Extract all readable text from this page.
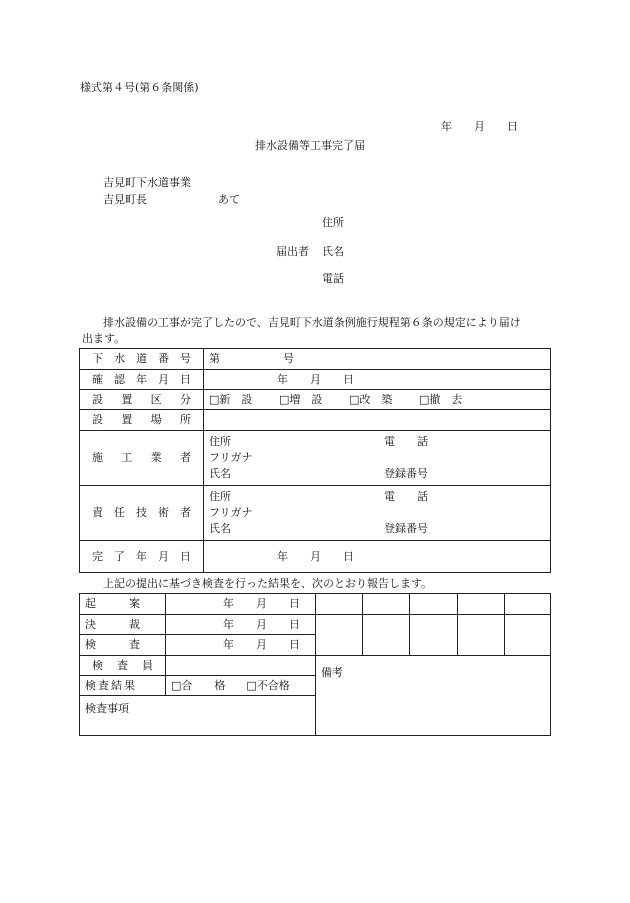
様式第４号(第６条関係)
年　　月　　日
排水設備等工事完了届
吉見町下水道事業
吉見町長	あて
住所
届出者 氏名
電話
排水設備の工事が完了したので、吉見町下水道条例施行規程第６条の規定により届け
出ます。
下水道番号	第 号
確認年月日	年　　月　　日
設置区分	□新　設 □増　設 □改　築 □撤　去

設置場所	
施工業者	住所 電　　話
フリガナ
氏名 登録番号

責任技術者	住所 電　　話
フリガナ
氏名 登録番号

完了年月日	年　　月　　日
上記の提出に基づき検査を行った結果を、次のとおり報告します。
起　　　案	年　　月　　日					
決　　　裁	年　　月　　日					
検　　　査	年　　月　　日					
検査員		備考				
検査結果	□合　　格 □不合格					
検査事項						
